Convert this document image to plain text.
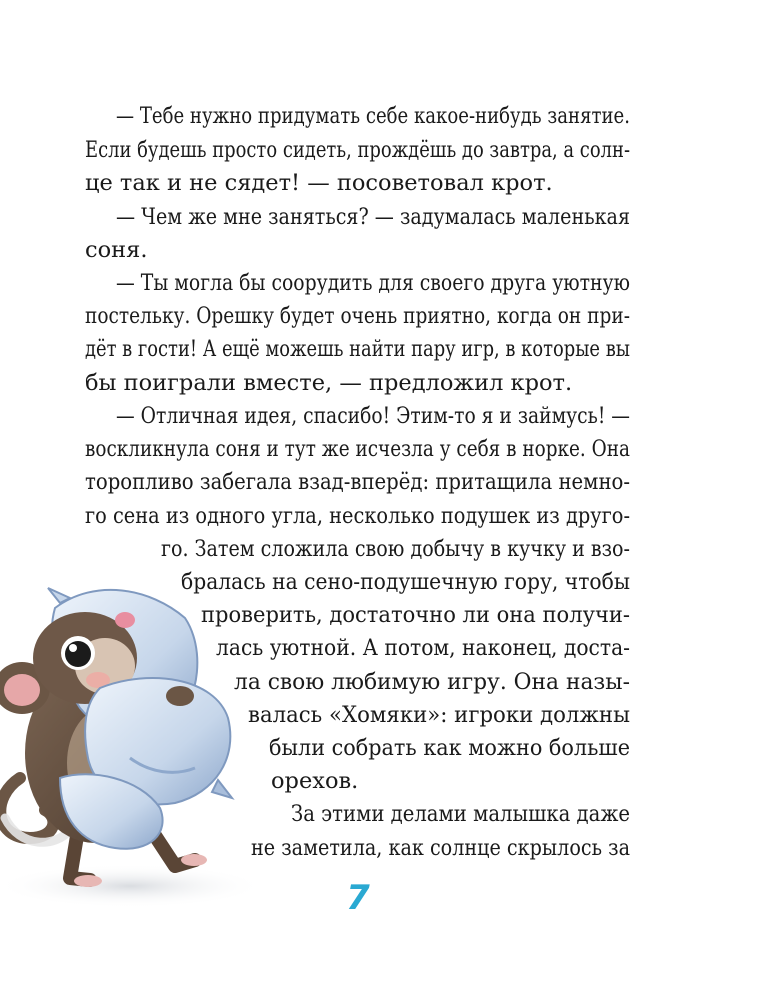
— Тебе нужно придумать себе какое-нибудь занятие.
Если будешь просто сидеть, прождёшь до завтра, а солн-
це так и не сядет! — посоветовал крот.
— Чем же мне заняться? — задумалась маленькая
соня.
— Ты могла бы соорудить для своего друга уютную
постельку. Орешку будет очень приятно, когда он при-
дёт в гости! А ещё можешь найти пару игр, в которые вы
бы поиграли вместе, — предложил крот.
— Отличная идея, спасибо! Этим-то я и займусь! —
воскликнула соня и тут же исчезла у себя в норке. Она
торопливо забегала взад-вперёд: притащила немно-
го сена из одного угла, несколько подушек из друго-
го. Затем сложила свою добычу в кучку и взо-
бралась на сено-подушечную гору, чтобы
проверить, достаточно ли она получи-
лась уютной. А потом, наконец, доста-
ла свою любимую игру. Она назы-
валась «Хомяки»: игроки должны
были собрать как можно больше
орехов.
За этими делами малышка даже
не заметила, как солнце скрылось за
7
